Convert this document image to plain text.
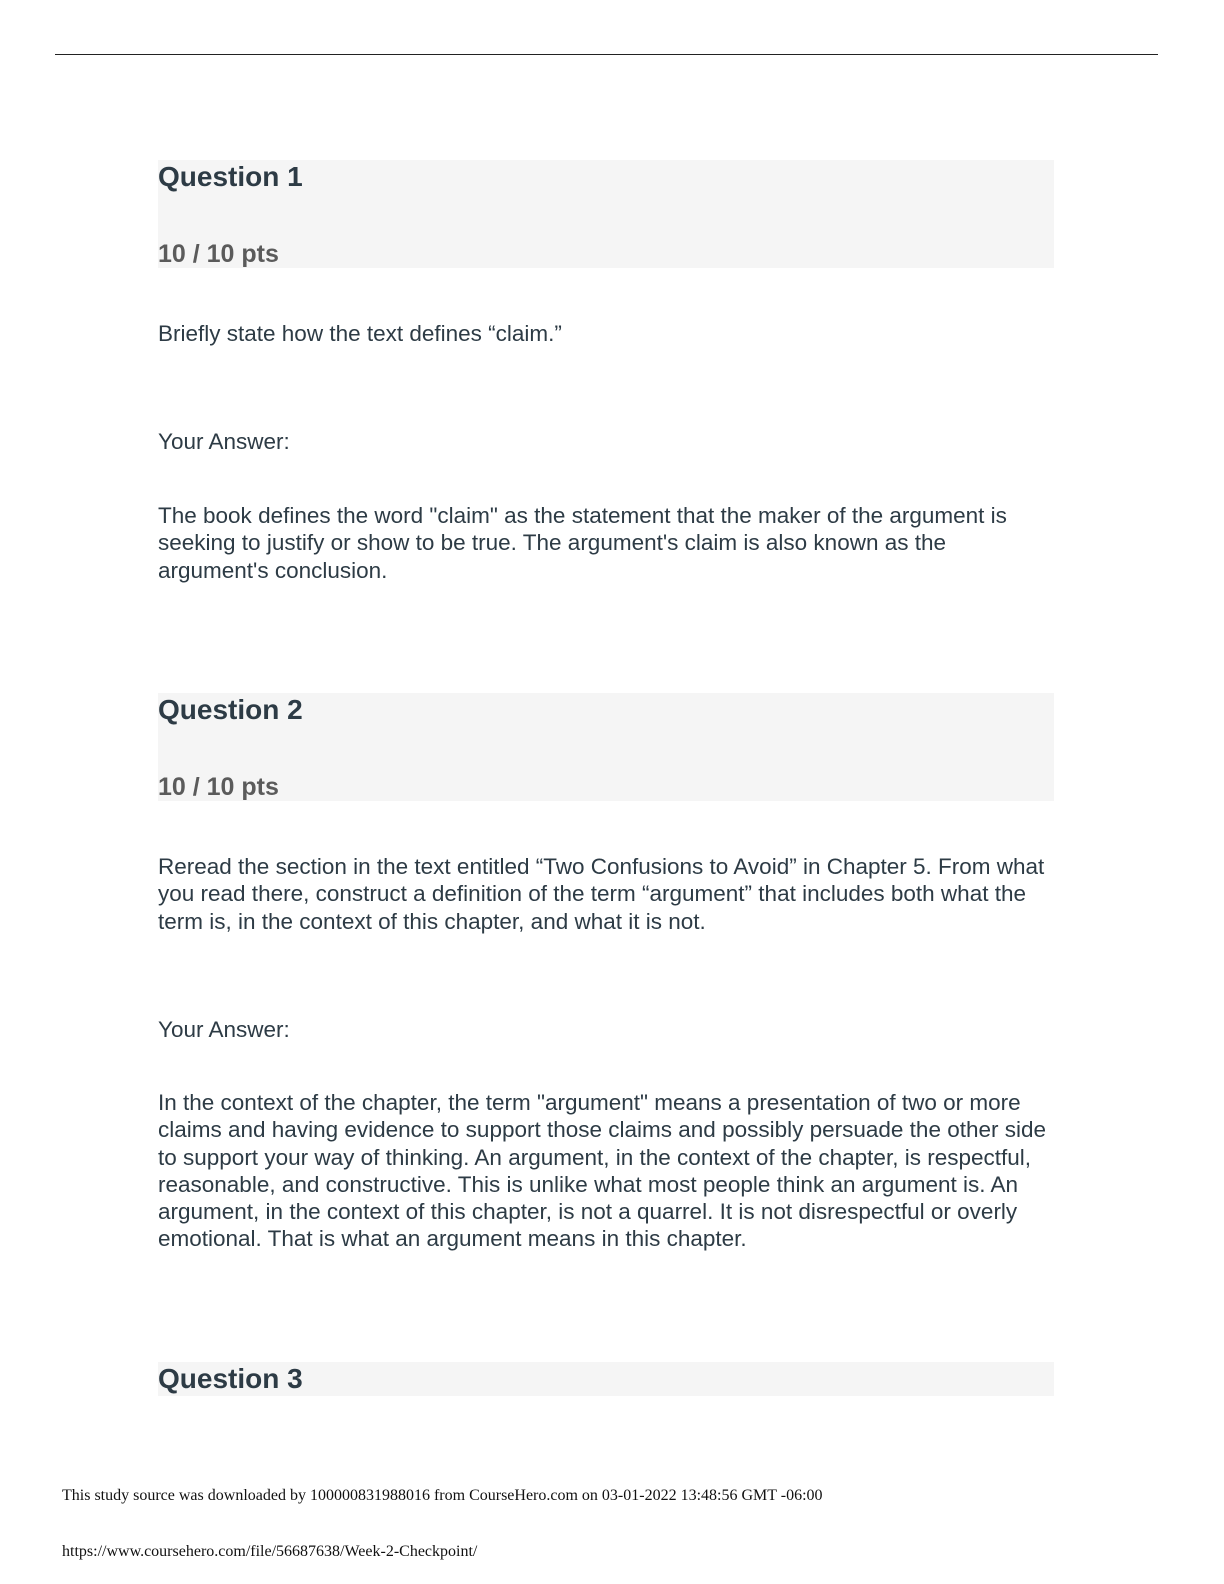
Question 1
10 / 10 pts

Briefly state how the text defines “claim.”

Your Answer:

The book defines the word "claim" as the statement that the maker of the argument is seeking to justify or show to be true. The argument's claim is also known as the argument's conclusion.

Question 2
10 / 10 pts

Reread the section in the text entitled “Two Confusions to Avoid” in Chapter 5. From what you read there, construct a definition of the term “argument” that includes both what the term is, in the context of this chapter, and what it is not.

Your Answer:

In the context of the chapter, the term "argument" means a presentation of two or more claims and having evidence to support those claims and possibly persuade the other side to support your way of thinking. An argument, in the context of the chapter, is respectful, reasonable, and constructive. This is unlike what most people think an argument is. An argument, in the context of this chapter, is not a quarrel. It is not disrespectful or overly emotional. That is what an argument means in this chapter.

Question 3

This study source was downloaded by 100000831988016 from CourseHero.com on 03-01-2022 13:48:56 GMT -06:00

https://www.coursehero.com/file/56687638/Week-2-Checkpoint/
